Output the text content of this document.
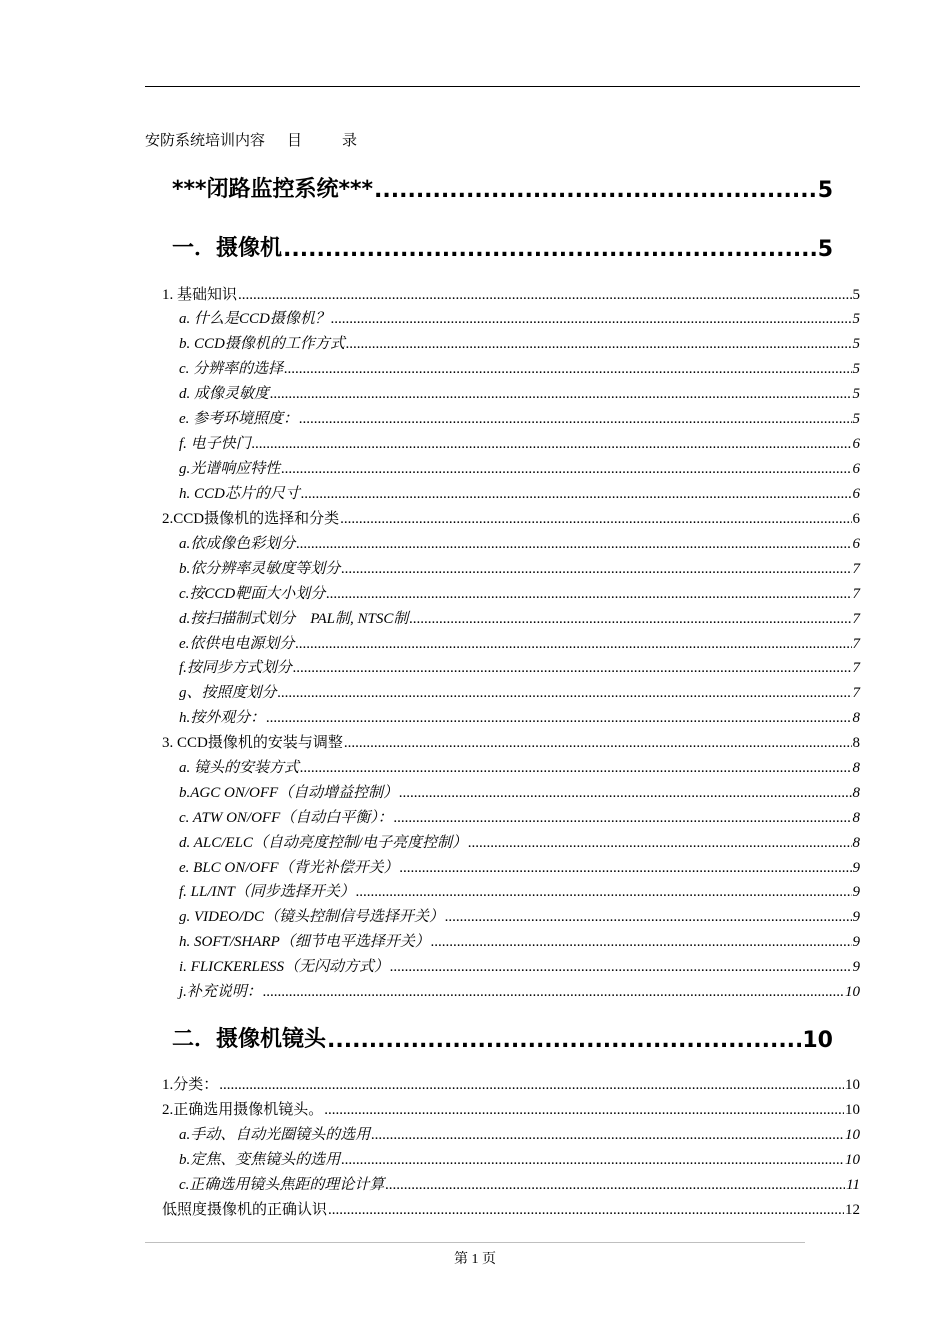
安防系统培训内容 目	录
***闭路监控系统*** .....	5
一．摄像机 .....	5
1. 基础知识 .....	5
a. 什么是CCD摄像机？ .....	5
b. CCD摄像机的工作方式 .....	5
c. 分辨率的选择 .....	5
d. 成像灵敏度 .....	5
e. 参考环境照度： .....	5
f. 电子快门 .....	6
g.光谱响应特性 .....	6
h. CCD芯片的尺寸 .....	6
2.CCD摄像机的选择和分类 .....	6
a.依成像色彩划分 .....	6
b.依分辨率灵敏度等划分 .....	7
c.按CCD靶面大小划分 .....	7
d.按扫描制式划分　PAL制, NTSC制 .....	7
e.依供电电源划分 .....	7
f.按同步方式划分 .....	7
g、按照度划分 .....	7
h.按外观分： .....	8
3. CCD摄像机的安装与调整 .....	8
a. 镜头的安装方式 .....	8
b.AGC ON/OFF（自动增益控制） .....	8
c. ATW ON/OFF（自动白平衡）： .....	8
d. ALC/ELC（自动亮度控制/电子亮度控制） .....	8
e. BLC ON/OFF（背光补偿开关） .....	9
f. LL/INT（同步选择开关） .....	9
g. VIDEO/DC（镜头控制信号选择开关） .....	9
h. SOFT/SHARP（细节电平选择开关） .....	9
i. FLICKERLESS（无闪动方式） .....	9
j.补充说明： .....	10
二．摄像机镜头 .....	10
1.分类： .....	10
2.正确选用摄像机镜头。 .....	10
a.手动、自动光圈镜头的选用 .....	10
b.定焦、变焦镜头的选用 .....	10
c.正确选用镜头焦距的理论计算 .....	11
低照度摄像机的正确认识 .....	12
第 1 页
